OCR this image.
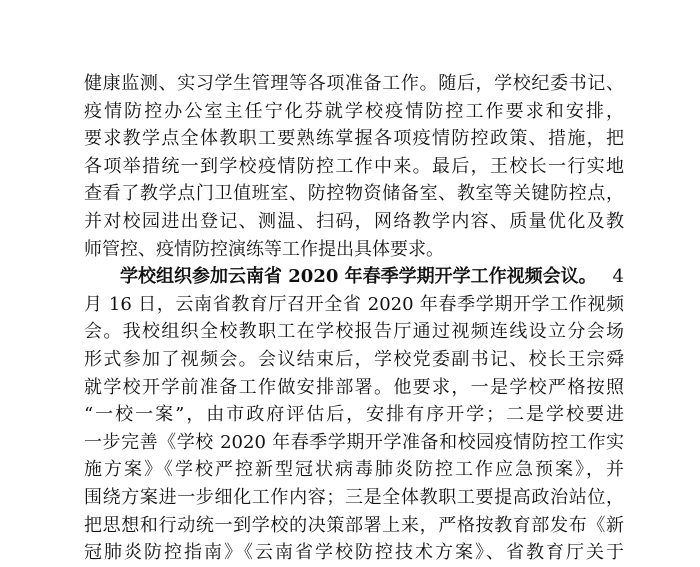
健康监测、实习学生管理等各项准备工作。随后，学校纪委书记、
疫情防控办公室主任宁化芬就学校疫情防控工作要求和安排，
要求教学点全体教职工要熟练掌握各项疫情防控政策、措施，把
各项举措统一到学校疫情防控工作中来。最后，王校长一行实地
查看了教学点门卫值班室、防控物资储备室、教室等关键防控点，
并对校园进出登记、测温、扫码，网络教学内容、质量优化及教
师管控、疫情防控演练等工作提出具体要求。
学校组织参加云南省 2020 年春季学期开学工作视频会议。 4
月 16 日，云南省教育厅召开全省 2020 年春季学期开学工作视频
会。我校组织全校教职工在学校报告厅通过视频连线设立分会场
形式参加了视频会。会议结束后，学校党委副书记、校长王宗舜
就学校开学前准备工作做安排部署。他要求，一是学校严格按照
“一校一案”，由市政府评估后，安排有序开学；二是学校要进
一步完善《学校 2020 年春季学期开学准备和校园疫情防控工作实
施方案》《学校严控新型冠状病毒肺炎防控工作应急预案》，并
围绕方案进一步细化工作内容；三是全体教职工要提高政治站位，
把思想和行动统一到学校的决策部署上来，严格按教育部发布《新
冠肺炎防控指南》《云南省学校防控技术方案》、省教育厅关于
